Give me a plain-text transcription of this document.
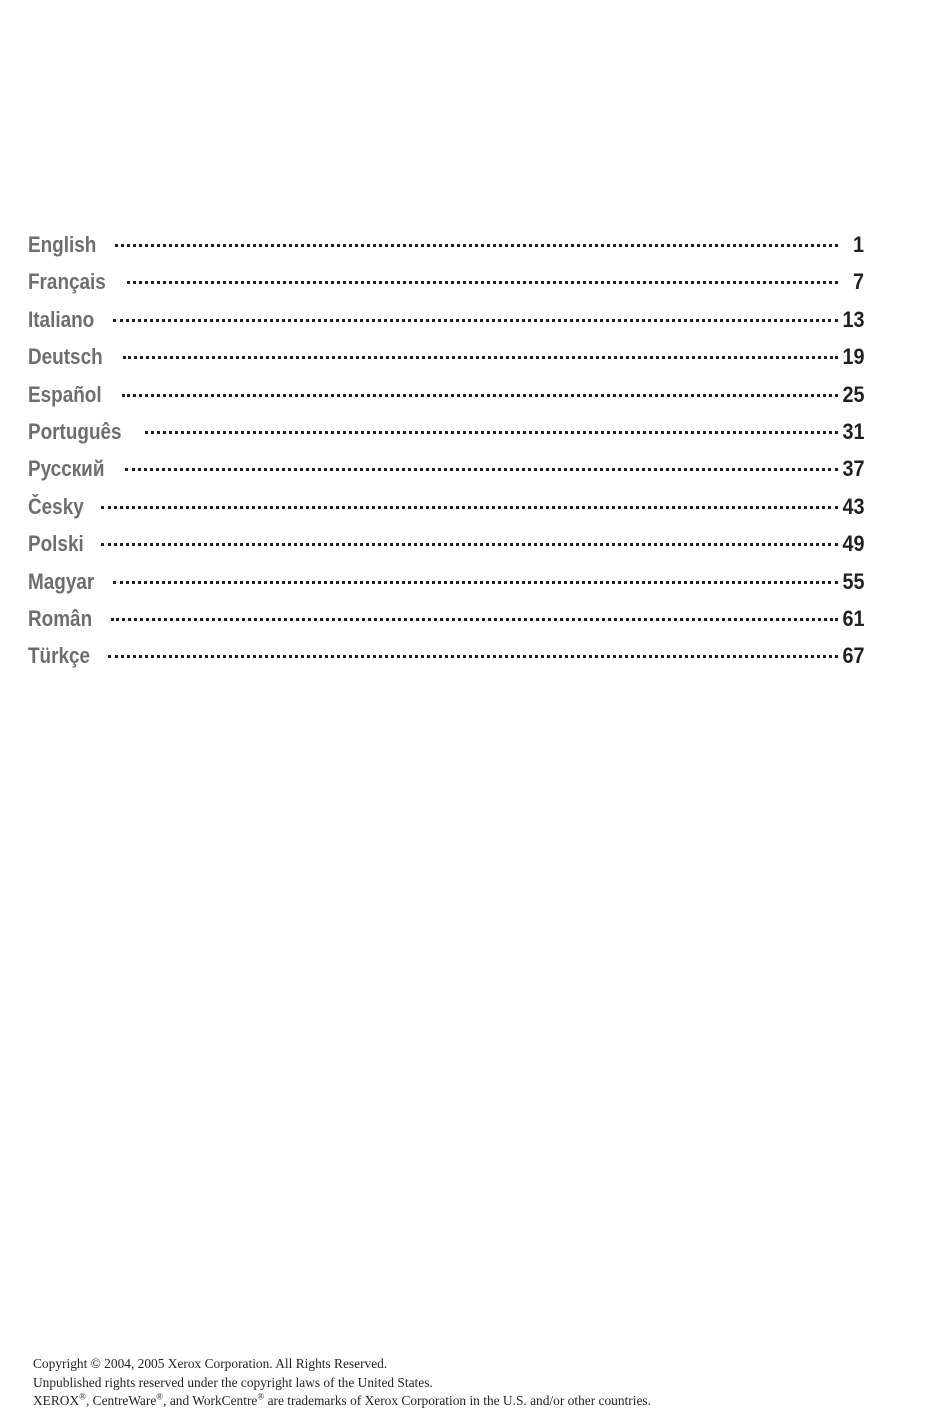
English	1
Français	7
Italiano	13
Deutsch	19
Español	25
Português	31
Русский	37
Česky	43
Polski	49
Magyar	55
Român	61
Türkçe	67
Copyright © 2004, 2005 Xerox Corporation. All Rights Reserved.
Unpublished rights reserved under the copyright laws of the United States.
XEROX®, CentreWare®, and WorkCentre® are trademarks of Xerox Corporation in the U.S. and/or other countries.
